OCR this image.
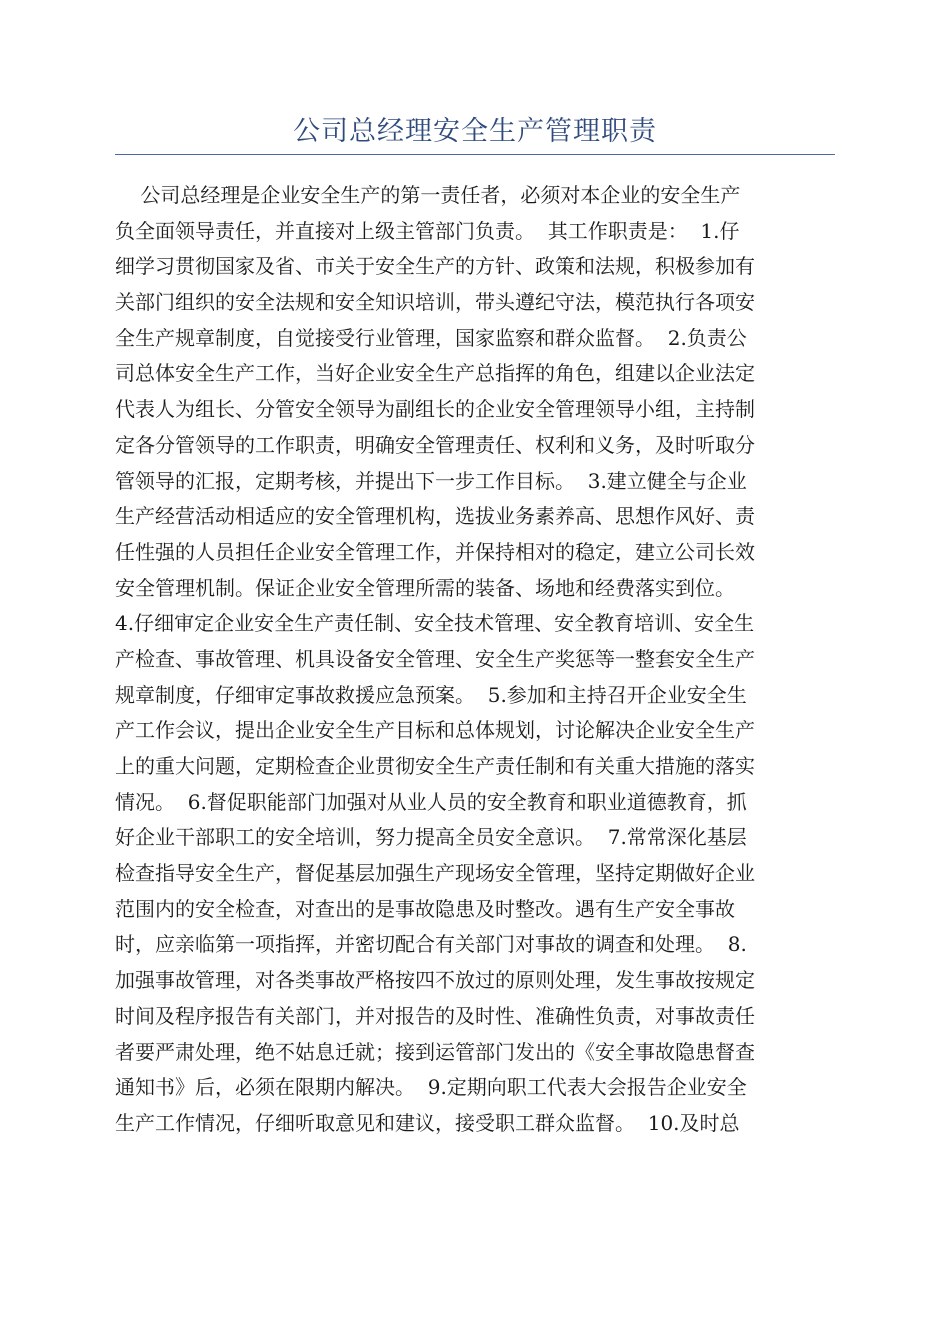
公司总经理安全生产管理职责
公司总经理是企业安全生产的第一责任者，必须对本企业的安全生产
负全面领导责任，并直接对上级主管部门负责。  其工作职责是：  1.仔
细学习贯彻国家及省、市关于安全生产的方针、政策和法规，积极参加有
关部门组织的安全法规和安全知识培训，带头遵纪守法，模范执行各项安
全生产规章制度，自觉接受行业管理，国家监察和群众监督。  2.负责公
司总体安全生产工作，当好企业安全生产总指挥的角色，组建以企业法定
代表人为组长、分管安全领导为副组长的企业安全管理领导小组，主持制
定各分管领导的工作职责，明确安全管理责任、权利和义务，及时听取分
管领导的汇报，定期考核，并提出下一步工作目标。  3.建立健全与企业
生产经营活动相适应的安全管理机构，选拔业务素养高、思想作风好、责
任性强的人员担任企业安全管理工作，并保持相对的稳定，建立公司长效
安全管理机制。保证企业安全管理所需的装备、场地和经费落实到位。
4.仔细审定企业安全生产责任制、安全技术管理、安全教育培训、安全生
产检查、事故管理、机具设备安全管理、安全生产奖惩等一整套安全生产
规章制度，仔细审定事故救援应急预案。  5.参加和主持召开企业安全生
产工作会议，提出企业安全生产目标和总体规划，讨论解决企业安全生产
上的重大问题，定期检查企业贯彻安全生产责任制和有关重大措施的落实
情况。  6.督促职能部门加强对从业人员的安全教育和职业道德教育，抓
好企业干部职工的安全培训，努力提高全员安全意识。  7.常常深化基层
检查指导安全生产，督促基层加强生产现场安全管理，坚持定期做好企业
范围内的安全检查，对查出的是事故隐患及时整改。遇有生产安全事故
时，应亲临第一项指挥，并密切配合有关部门对事故的调查和处理。  8.
加强事故管理，对各类事故严格按四不放过的原则处理，发生事故按规定
时间及程序报告有关部门，并对报告的及时性、准确性负责，对事故责任
者要严肃处理，绝不姑息迁就；接到运管部门发出的《安全事故隐患督查
通知书》后，必须在限期内解决。  9.定期向职工代表大会报告企业安全
生产工作情况，仔细听取意见和建议，接受职工群众监督。  10.及时总
